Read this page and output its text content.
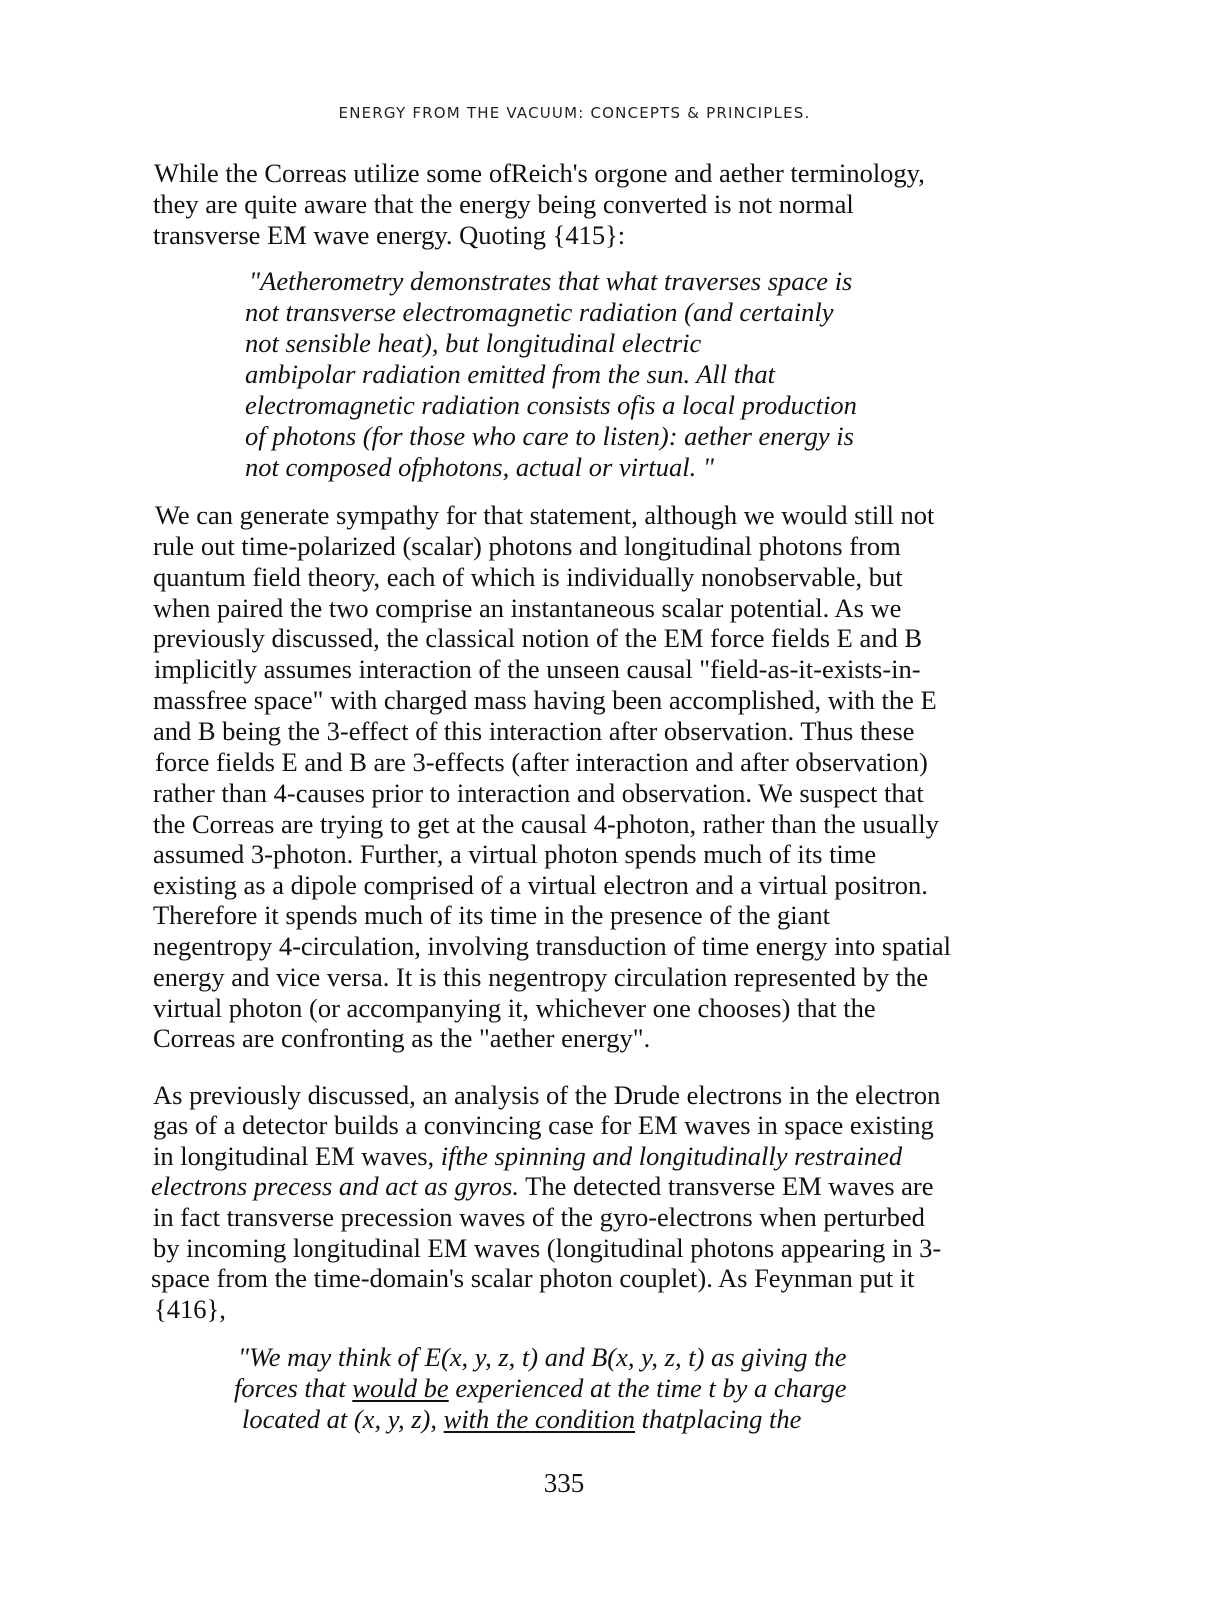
ENERGY FROM THE VACUUM: CONCEPTS & PRINCIPLES.

While the Correas utilize some ofReich's orgone and aether terminology,

they are quite aware that the energy being converted is not normal

transverse EM wave energy. Quoting {415}:

"Aetherometry demonstrates that what traverses space is

not transverse electromagnetic radiation (and certainly

not sensible heat), but longitudinal electric

ambipolar radiation emitted from the sun. All that

electromagnetic radiation consists ofis a local production

of photons (for those who care to listen): aether energy is

not composed ofphotons, actual or virtual. "

We can generate sympathy for that statement, although we would still not

rule out time-polarized (scalar) photons and longitudinal photons from

quantum field theory, each of which is individually nonobservable, but

when paired the two comprise an instantaneous scalar potential. As we

previously discussed, the classical notion of the EM force fields E and B

implicitly assumes interaction of the unseen causal "field-as-it-exists-in-

massfree space" with charged mass having been accomplished, with the E

and B being the 3-effect of this interaction after observation. Thus these

force fields E and B are 3-effects (after interaction and after observation)

rather than 4-causes prior to interaction and observation. We suspect that

the Correas are trying to get at the causal 4-photon, rather than the usually

assumed 3-photon. Further, a virtual photon spends much of its time

existing as a dipole comprised of a virtual electron and a virtual positron.

Therefore it spends much of its time in the presence of the giant

negentropy 4-circulation, involving transduction of time energy into spatial

energy and vice versa. It is this negentropy circulation represented by the

virtual photon (or accompanying it, whichever one chooses) that the

Correas are confronting as the "aether energy".

As previously discussed, an analysis of the Drude electrons in the electron

gas of a detector builds a convincing case for EM waves in space existing

in longitudinal EM waves, ifthe spinning and longitudinally restrained

electrons precess and act as gyros. The detected transverse EM waves are

in fact transverse precession waves of the gyro-electrons when perturbed

by incoming longitudinal EM waves (longitudinal photons appearing in 3-

space from the time-domain's scalar photon couplet). As Feynman put it

{416},

"We may think of E(x, y, z, t) and B(x, y, z, t) as giving the

forces that would be experienced at the time t by a charge

located at (x, y, z), with the condition thatplacing the

335
